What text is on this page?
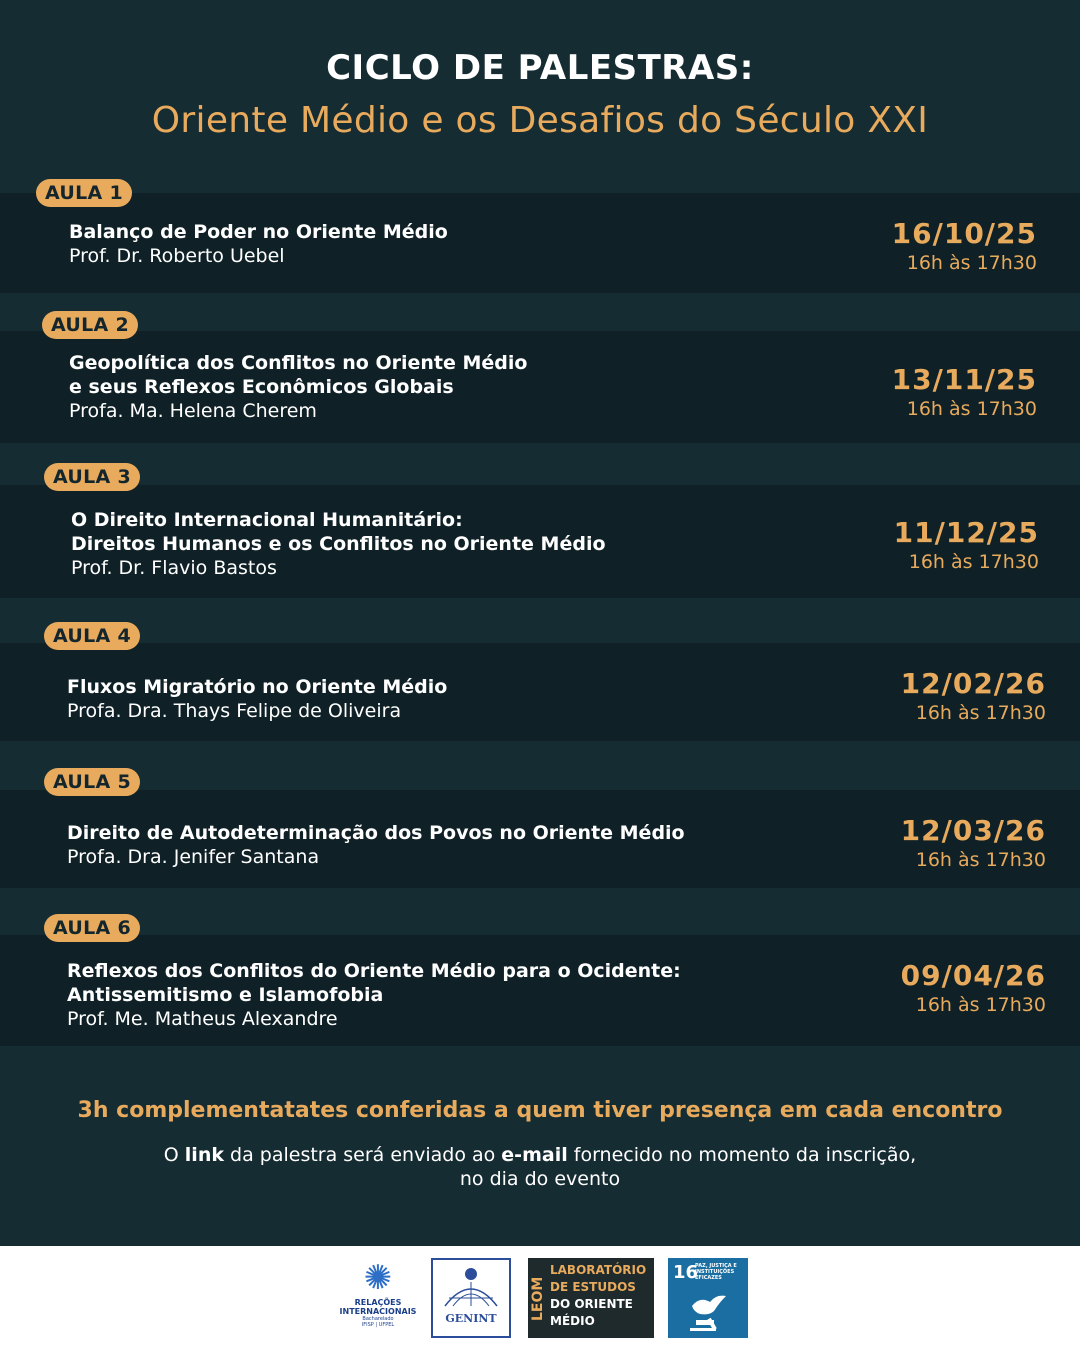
CICLO DE PALESTRAS:
Oriente Médio e os Desafios do Século XXI
AULA 1
Balanço de Poder no Oriente Médio
Prof. Dr. Roberto Uebel
16/10/25
16h às 17h30
AULA 2
Geopolítica dos Conflitos no Oriente Médio
e seus Reflexos Econômicos Globais
Profa. Ma. Helena Cherem
13/11/25
16h às 17h30
AULA 3
O Direito Internacional Humanitário:
Direitos Humanos e os Conflitos no Oriente Médio
Prof. Dr. Flavio Bastos
11/12/25
16h às 17h30
AULA 4
Fluxos Migratório no Oriente Médio
Profa. Dra. Thays Felipe de Oliveira
12/02/26
16h às 17h30
AULA 5
Direito de Autodeterminação dos Povos no Oriente Médio
Profa. Dra. Jenifer Santana
12/03/26
16h às 17h30
AULA 6
Reflexos dos Conflitos do Oriente Médio para o Ocidente:
Antissemitismo e Islamofobia
Prof. Me. Matheus Alexandre
09/04/26
16h às 17h30
3h complementatates conferidas a quem tiver presença em cada encontro
O link da palestra será enviado ao e-mail fornecido no momento da inscrição,
no dia do evento
✺
RELAÇÕES
INTERNACIONAIS
Bacharelado
IFISP | UFPEL	GENINT	LEOM
LABORATÓRIO
DE ESTUDOS
DO ORIENTE
MÉDIO
16
PAZ, JUSTIÇA E INSTITUIÇÕES EFICAZES
